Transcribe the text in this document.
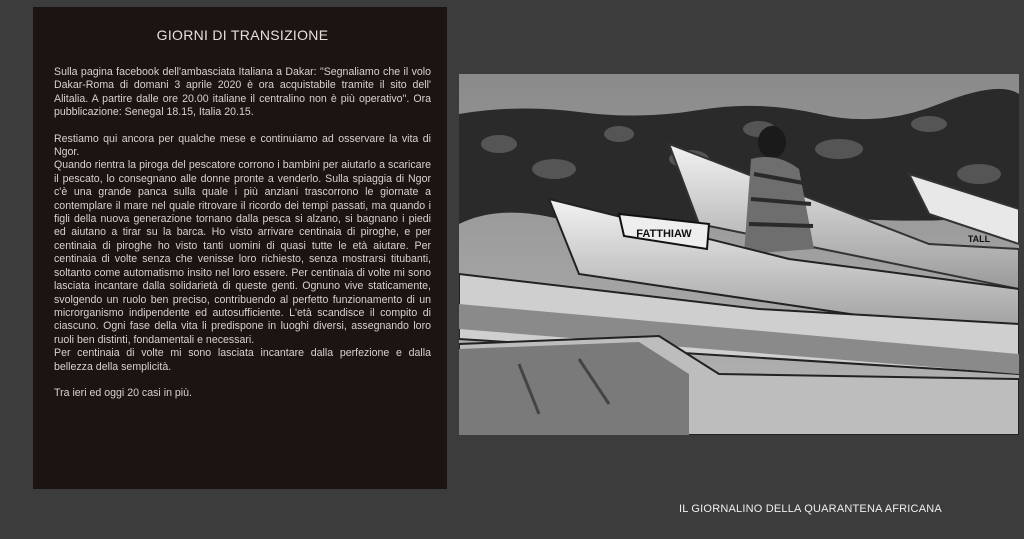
GIORNI DI TRANSIZIONE

Sulla pagina facebook dell'ambasciata Italiana a Dakar: "Segnaliamo che il volo Dakar-Roma di domani 3 aprile 2020 è ora acquistabile tramite il sito dell' Alitalia. A partire dalle ore 20.00 italiane il centralino non è più operativo". Ora pubblicazione: Senegal 18.15, Italia 20.15.

Restiamo qui ancora per qualche mese e continuiamo ad osservare la vita di Ngor.

Quando rientra la piroga del pescatore corrono i bambini per aiutarlo a scaricare il pescato, lo consegnano alle donne pronte a venderlo. Sulla spiaggia di Ngor c'è una grande panca sulla quale i più anziani trascorrono le giornate a contemplare il mare nel quale ritrovare il ricordo dei tempi passati, ma quando i figli della nuova generazione tornano dalla pesca si alzano, si bagnano i piedi ed aiutano a tirar su la barca. Ho visto arrivare centinaia di piroghe, e per centinaia di piroghe ho visto tanti uomini di quasi tutte le età aiutare. Per centinaia di volte senza che venisse loro richiesto, senza mostrarsi titubanti, soltanto come automatismo insito nel loro essere. Per centinaia di volte mi sono lasciata incantare dalla solidarietà di queste genti. Ognuno vive staticamente, svolgendo un ruolo ben preciso, contribuendo al perfetto funzionamento di un microrganismo indipendente ed autosufficiente. L'età scandisce il compito di ciascuno. Ogni fase della vita li predispone in luoghi diversi, assegnando loro ruoli ben distinti, fondamentali e necessari.

Per centinaia di volte mi sono lasciata incantare dalla perfezione e dalla bellezza della semplicità.

Tra ieri ed oggi 20 casi in più.

FATTHIAW	TALL
IL GIORNALINO DELLA QUARANTENA AFRICANA
